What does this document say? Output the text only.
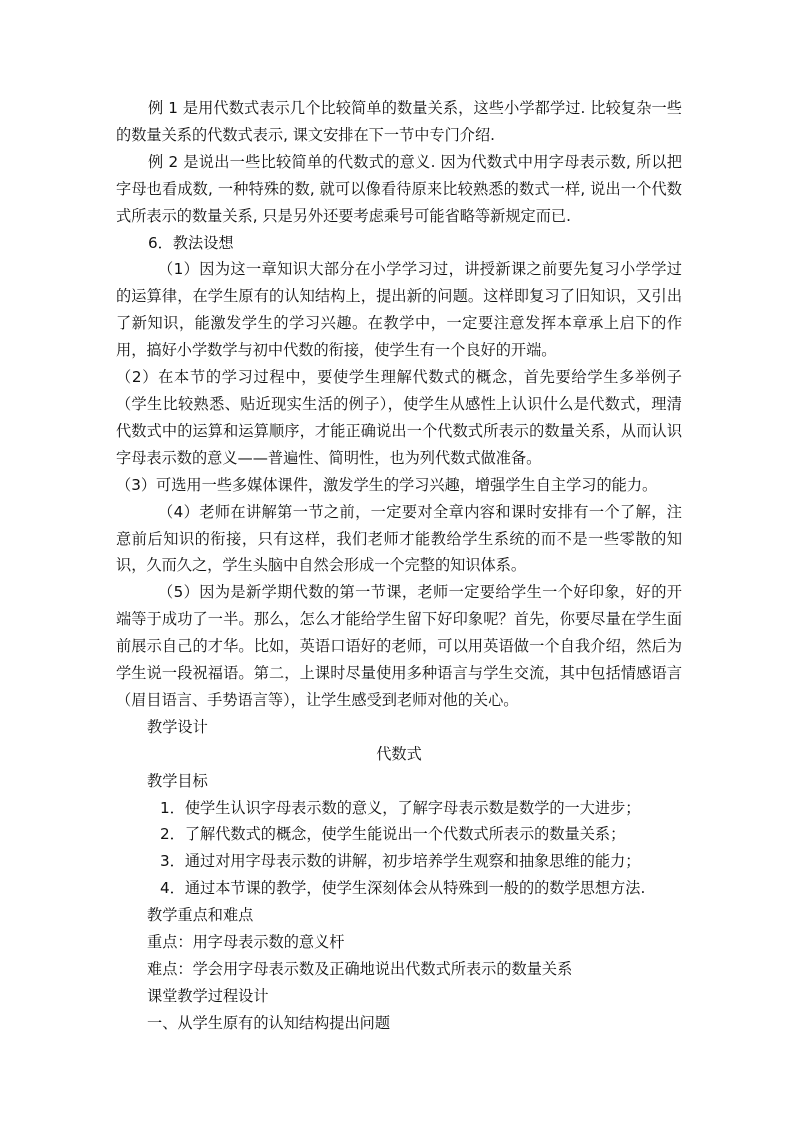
例 1 是用代数式表示几个比较简单的数量关系，这些小学都学过. 比较复杂一些的数量关系的代数式表示, 课文安排在下一节中专门介绍.

例 2 是说出一些比较简单的代数式的意义. 因为代数式中用字母表示数, 所以把字母也看成数, 一种特殊的数, 就可以像看待原来比较熟悉的数式一样, 说出一个代数式所表示的数量关系, 只是另外还要考虑乘号可能省略等新规定而已.

6．教法设想

（1）因为这一章知识大部分在小学学习过，讲授新课之前要先复习小学学过的运算律，在学生原有的认知结构上，提出新的问题。这样即复习了旧知识，又引出了新知识，能激发学生的学习兴趣。在教学中，一定要注意发挥本章承上启下的作用，搞好小学数学与初中代数的衔接，使学生有一个良好的开端。

（2）在本节的学习过程中，要使学生理解代数式的概念，首先要给学生多举例子（学生比较熟悉、贴近现实生活的例子），使学生从感性上认识什么是代数式，理清代数式中的运算和运算顺序，才能正确说出一个代数式所表示的数量关系，从而认识字母表示数的意义——普遍性、简明性，也为列代数式做准备。

（3）可选用一些多媒体课件，激发学生的学习兴趣，增强学生自主学习的能力。

（4）老师在讲解第一节之前，一定要对全章内容和课时安排有一个了解，注意前后知识的衔接，只有这样，我们老师才能教给学生系统的而不是一些零散的知识，久而久之，学生头脑中自然会形成一个完整的知识体系。

（5）因为是新学期代数的第一节课，老师一定要给学生一个好印象，好的开端等于成功了一半。那么，怎么才能给学生留下好印象呢？首先，你要尽量在学生面前展示自己的才华。比如，英语口语好的老师，可以用英语做一个自我介绍，然后为学生说一段祝福语。第二，上课时尽量使用多种语言与学生交流，其中包括情感语言（眉目语言、手势语言等），让学生感受到老师对他的关心。

教学设计

代数式

教学目标

1．使学生认识字母表示数的意义，了解字母表示数是数学的一大进步；

2．了解代数式的概念，使学生能说出一个代数式所表示的数量关系；

3．通过对用字母表示数的讲解，初步培养学生观察和抽象思维的能力；

4．通过本节课的教学，使学生深刻体会从特殊到一般的的数学思想方法.

教学重点和难点

重点：用字母表示数的意义杆

难点：学会用字母表示数及正确地说出代数式所表示的数量关系

课堂教学过程设计

一、从学生原有的认知结构提出问题
